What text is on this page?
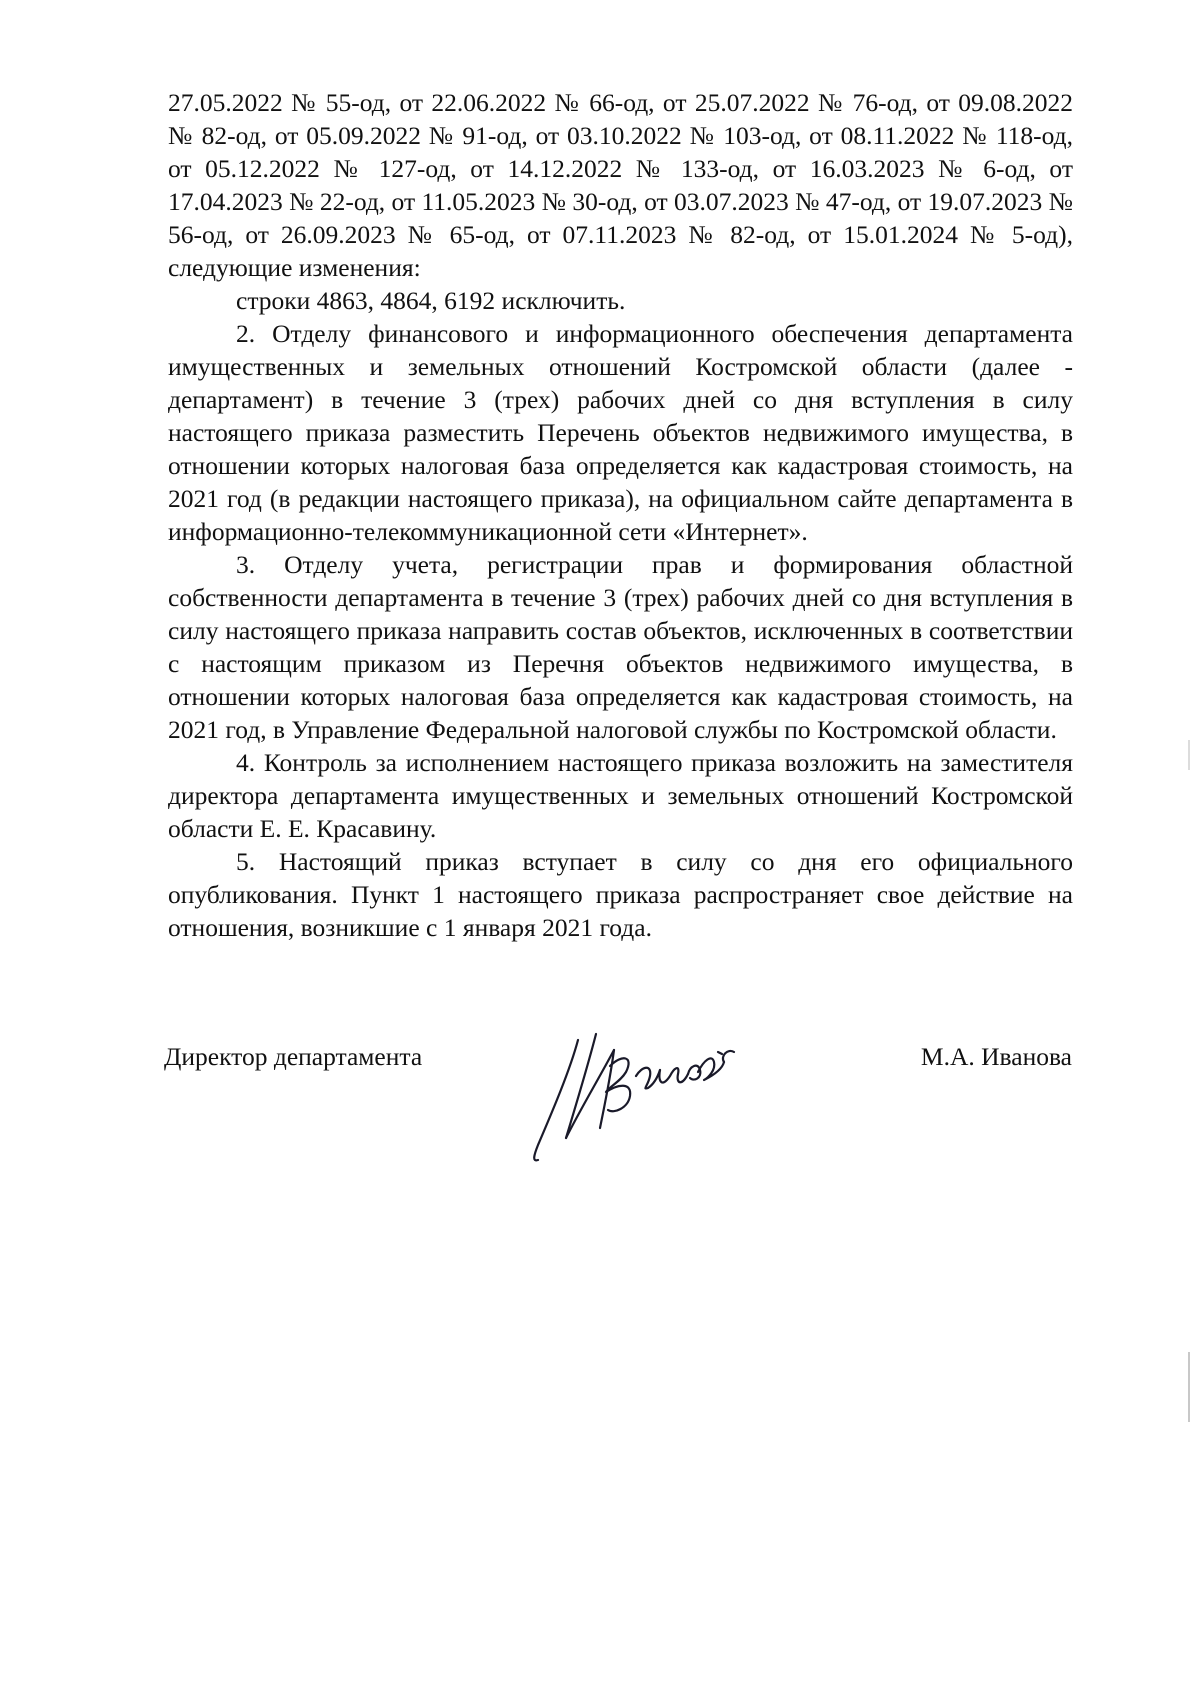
27.05.2022 № 55-од, от 22.06.2022 № 66-од, от 25.07.2022 № 76-од, от 09.08.2022 № 82-од, от 05.09.2022 № 91-од, от 03.10.2022 № 103-од, от 08.11.2022 № 118-од, от 05.12.2022 № 127-од, от 14.12.2022 № 133-од, от 16.03.2023 № 6-од, от 17.04.2023 № 22-од, от 11.05.2023 № 30-од, от 03.07.2023 № 47-од, от 19.07.2023 № 56-од, от 26.09.2023 № 65-од, от 07.11.2023 № 82-од, от 15.01.2024 № 5-од), следующие изменения:

строки 4863, 4864, 6192 исключить.

2. Отделу финансового и информационного обеспечения департамента имущественных и земельных отношений Костромской области (далее - департамент) в течение 3 (трех) рабочих дней со дня вступления в силу настоящего приказа разместить Перечень объектов недвижимого имущества, в отношении которых налоговая база определяется как кадастровая стоимость, на 2021 год (в редакции настоящего приказа), на официальном сайте департамента в информационно-телекоммуникационной сети «Интернет».

3. Отделу учета, регистрации прав и формирования областной собственности департамента в течение 3 (трех) рабочих дней со дня вступления в силу настоящего приказа направить состав объектов, исключенных в соответствии с настоящим приказом из Перечня объектов недвижимого имущества, в отношении которых налоговая база определяется как кадастровая стоимость, на 2021 год, в Управление Федеральной налоговой службы по Костромской области.

4. Контроль за исполнением настоящего приказа возложить на заместителя директора департамента имущественных и земельных отношений Костромской области Е. Е. Красавину.

5. Настоящий приказ вступает в силу со дня его официального опубликования. Пункт 1 настоящего приказа распространяет свое действие на отношения, возникшие с 1 января 2021 года.

Директор департамента	М.А. Иванова
